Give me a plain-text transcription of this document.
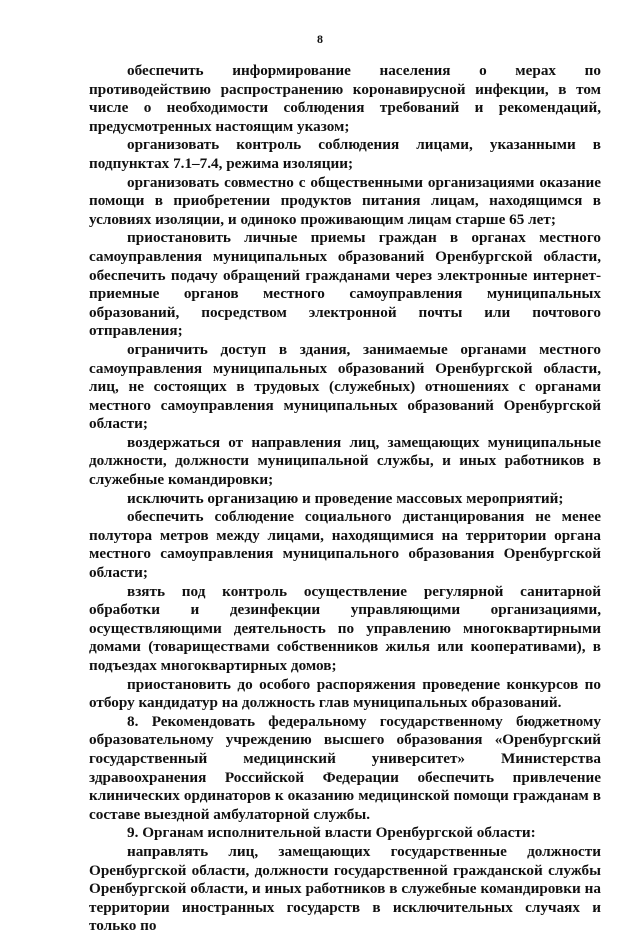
8

обеспечить информирование населения о мерах по противодействию распространению коронавирусной инфекции, в том числе о необходимости соблюдения требований и рекомендаций, предусмотренных настоящим указом;

организовать контроль соблюдения лицами, указанными в подпунктах 7.1–7.4, режима изоляции;

организовать совместно с общественными организациями оказание помощи в приобретении продуктов питания лицам, находящимся в условиях изоляции, и одиноко проживающим лицам старше 65 лет;

приостановить личные приемы граждан в органах местного самоуправления муниципальных образований Оренбургской области, обеспечить подачу обращений гражданами через электронные интернет-приемные органов местного самоуправления муниципальных образований, посредством электронной почты или почтового отправления;

ограничить доступ в здания, занимаемые органами местного самоуправления муниципальных образований Оренбургской области, лиц, не состоящих в трудовых (служебных) отношениях с органами местного самоуправления муниципальных образований Оренбургской области;

воздержаться от направления лиц, замещающих муниципальные должности, должности муниципальной службы, и иных работников в служебные командировки;

исключить организацию и проведение массовых мероприятий;

обеспечить соблюдение социального дистанцирования не менее полутора метров между лицами, находящимися на территории органа местного самоуправления муниципального образования Оренбургской области;

взять под контроль осуществление регулярной санитарной обработки и дезинфекции управляющими организациями, осуществляющими деятельность по управлению многоквартирными домами (товариществами собственников жилья или кооперативами), в подъездах многоквартирных домов;

приостановить до особого распоряжения проведение конкурсов по отбору кандидатур на должность глав муниципальных образований.

8. Рекомендовать федеральному государственному бюджетному образовательному учреждению высшего образования «Оренбургский государственный медицинский университет» Министерства здравоохранения Российской Федерации обеспечить привлечение клинических ординаторов к оказанию медицинской помощи гражданам в составе выездной амбулаторной службы.

9. Органам исполнительной власти Оренбургской области:

направлять лиц, замещающих государственные должности Оренбургской области, должности государственной гражданской службы Оренбургской области, и иных работников в служебные командировки на территории иностранных государств в исключительных случаях и только по
